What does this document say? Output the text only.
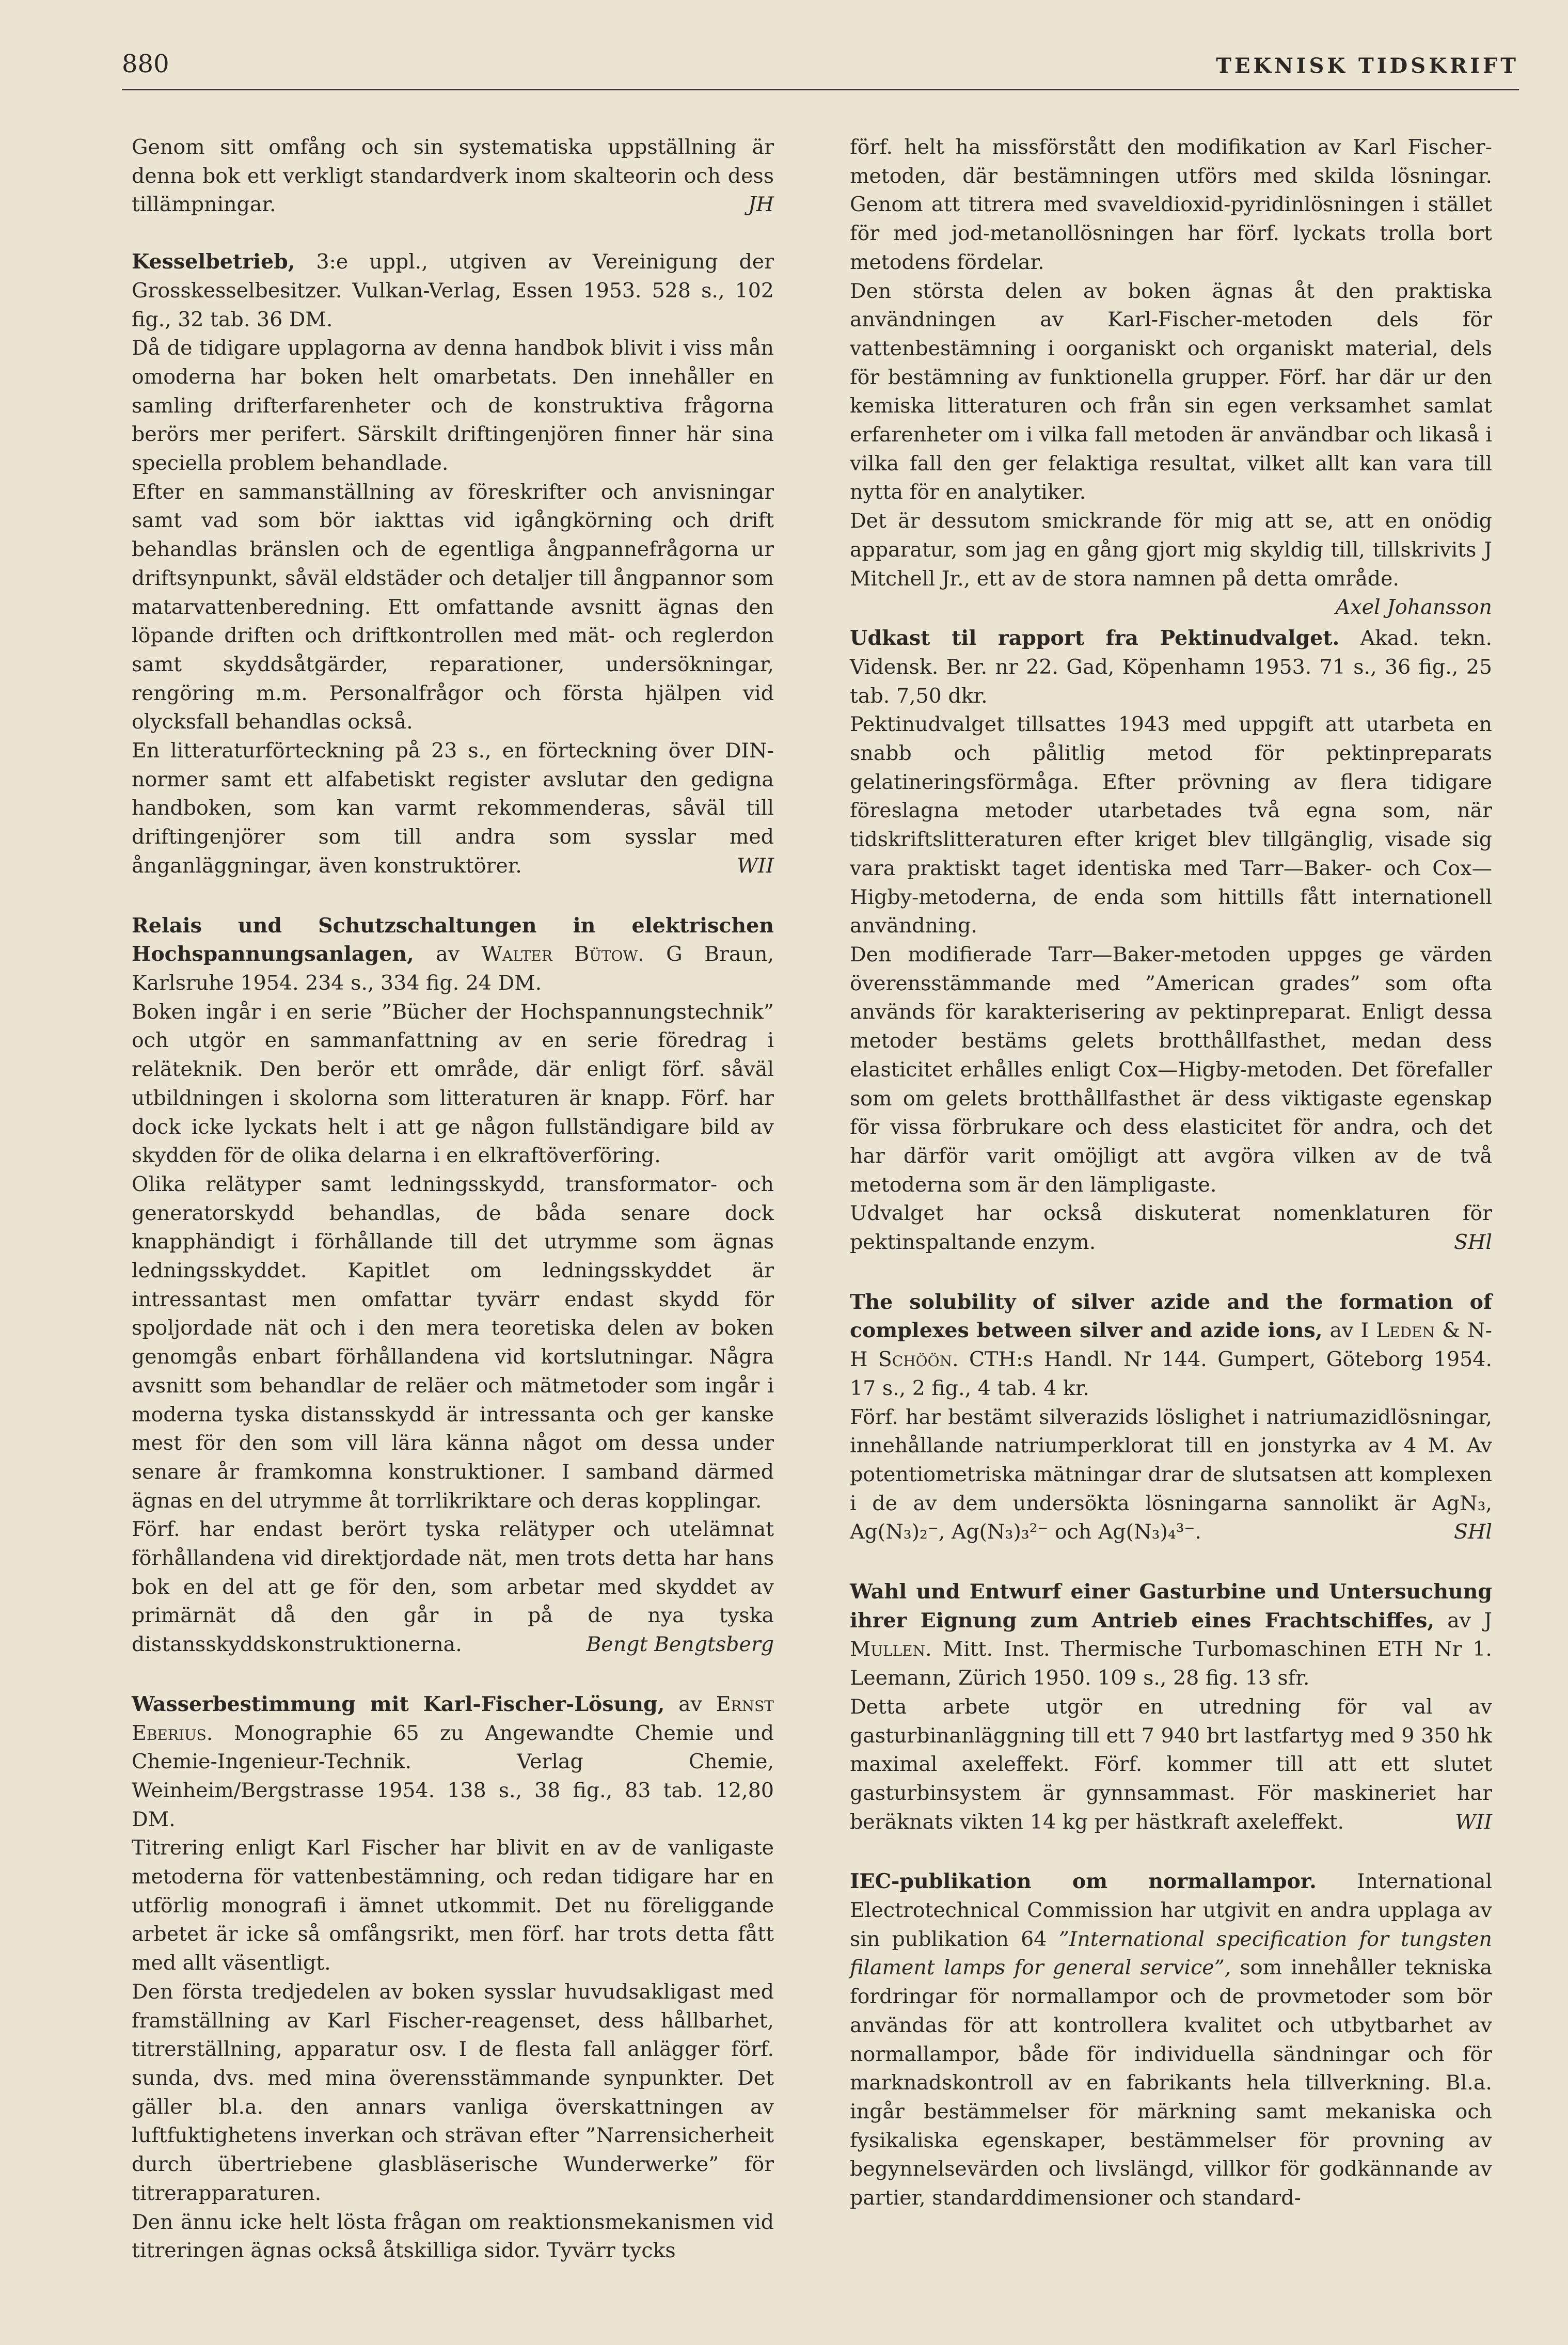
880	TEKNISK TIDSKRIFT

Genom sitt omfång och sin systematiska uppställning är denna bok ett verkligt standardverk inom skalteorin och dess tillämpningar.	JH

Kesselbetrieb, 3:e uppl., utgiven av Vereinigung der Grosskesselbesitzer. Vulkan-Verlag, Essen 1953. 528 s., 102 fig., 32 tab. 36 DM.

Då de tidigare upplagorna av denna handbok blivit i viss mån omoderna har boken helt omarbetats. Den innehåller en samling drifterfarenheter och de konstruktiva frågorna berörs mer perifert. Särskilt driftingenjören finner här sina speciella problem behandlade.

Efter en sammanställning av föreskrifter och anvisningar samt vad som bör iakttas vid igångkörning och drift behandlas bränslen och de egentliga ångpannefrågorna ur driftsynpunkt, såväl eldstäder och detaljer till ångpannor som matarvattenberedning. Ett omfattande avsnitt ägnas den löpande driften och driftkontrollen med mät- och reglerdon samt skyddsåtgärder, reparationer, undersökningar, rengöring m.m. Personalfrågor och första hjälpen vid olycksfall behandlas också.

En litteraturförteckning på 23 s., en förteckning över DIN-normer samt ett alfabetiskt register avslutar den gedigna handboken, som kan varmt rekommenderas, såväl till driftingenjörer som till andra som sysslar med ånganläggningar, även konstruktörer.	WII

Relais und Schutzschaltungen in elektrischen Hochspannungsanlagen, av Walter Bütow. G Braun, Karlsruhe 1954. 234 s., 334 fig. 24 DM.

Boken ingår i en serie ”Bücher der Hochspannungstechnik” och utgör en sammanfattning av en serie föredrag i reläteknik. Den berör ett område, där enligt förf. såväl utbildningen i skolorna som litteraturen är knapp. Förf. har dock icke lyckats helt i att ge någon fullständigare bild av skydden för de olika delarna i en elkraftöverföring.

Olika relätyper samt ledningsskydd, transformator- och generatorskydd behandlas, de båda senare dock knapphändigt i förhållande till det utrymme som ägnas ledningsskyddet. Kapitlet om ledningsskyddet är intressantast men omfattar tyvärr endast skydd för spoljordade nät och i den mera teoretiska delen av boken genomgås enbart förhållandena vid kortslutningar. Några avsnitt som behandlar de reläer och mätmetoder som ingår i moderna tyska distansskydd är intressanta och ger kanske mest för den som vill lära känna något om dessa under senare år framkomna konstruktioner. I samband därmed ägnas en del utrymme åt torrlikriktare och deras kopplingar.

Förf. har endast berört tyska relätyper och utelämnat förhållandena vid direktjordade nät, men trots detta har hans bok en del att ge för den, som arbetar med skyddet av primärnät då den går in på de nya tyska distansskyddskonstruktionerna.	Bengt Bengtsberg

Wasserbestimmung mit Karl-Fischer-Lösung, av Ernst Eberius. Monographie 65 zu Angewandte Chemie und Chemie-Ingenieur-Technik. Verlag Chemie, Weinheim/Bergstrasse 1954. 138 s., 38 fig., 83 tab. 12,80 DM.

Titrering enligt Karl Fischer har blivit en av de vanligaste metoderna för vattenbestämning, och redan tidigare har en utförlig monografi i ämnet utkommit. Det nu föreliggande arbetet är icke så omfångsrikt, men förf. har trots detta fått med allt väsentligt.

Den första tredjedelen av boken sysslar huvudsakligast med framställning av Karl Fischer-reagenset, dess hållbarhet, titrerställning, apparatur osv. I de flesta fall anlägger förf. sunda, dvs. med mina överensstämmande synpunkter. Det gäller bl.a. den annars vanliga överskattningen av luftfuktighetens inverkan och strävan efter ”Narrensicherheit durch übertriebene glasbläserische Wunderwerke” för titrerapparaturen.

Den ännu icke helt lösta frågan om reaktionsmekanismen vid titreringen ägnas också åtskilliga sidor. Tyvärr tycks

förf. helt ha missförstått den modifikation av Karl Fischer-metoden, där bestämningen utförs med skilda lösningar. Genom att titrera med svaveldioxid-pyridinlösningen i stället för med jod-metanollösningen har förf. lyckats trolla bort metodens fördelar.

Den största delen av boken ägnas åt den praktiska användningen av Karl-Fischer-metoden dels för vattenbestämning i oorganiskt och organiskt material, dels för bestämning av funktionella grupper. Förf. har där ur den kemiska litteraturen och från sin egen verksamhet samlat erfarenheter om i vilka fall metoden är användbar och likaså i vilka fall den ger felaktiga resultat, vilket allt kan vara till nytta för en analytiker.

Det är dessutom smickrande för mig att se, att en onödig apparatur, som jag en gång gjort mig skyldig till, tillskrivits J Mitchell Jr., ett av de stora namnen på detta område.
Axel Johansson

Udkast til rapport fra Pektinudvalget. Akad. tekn. Vidensk. Ber. nr 22. Gad, Köpenhamn 1953. 71 s., 36 fig., 25 tab. 7,50 dkr.

Pektinudvalget tillsattes 1943 med uppgift att utarbeta en snabb och pålitlig metod för pektinpreparats gelatineringsförmåga. Efter prövning av flera tidigare föreslagna metoder utarbetades två egna som, när tidskriftslitteraturen efter kriget blev tillgänglig, visade sig vara praktiskt taget identiska med Tarr—Baker- och Cox—Higby-metoderna, de enda som hittills fått internationell användning.

Den modifierade Tarr—Baker-metoden uppges ge värden överensstämmande med ”American grades” som ofta används för karakterisering av pektinpreparat. Enligt dessa metoder bestäms gelets brotthållfasthet, medan dess elasticitet erhålles enligt Cox—Higby-metoden. Det förefaller som om gelets brotthållfasthet är dess viktigaste egenskap för vissa förbrukare och dess elasticitet för andra, och det har därför varit omöjligt att avgöra vilken av de två metoderna som är den lämpligaste.

Udvalget har också diskuterat nomenklaturen för pektinspaltande enzym.	SHl

The solubility of silver azide and the formation of complexes between silver and azide ions, av I Leden & N-H Schöön. CTH:s Handl. Nr 144. Gumpert, Göteborg 1954. 17 s., 2 fig., 4 tab. 4 kr.

Förf. har bestämt silverazids löslighet i natriumazidlösningar, innehållande natriumperklorat till en jonstyrka av 4 M. Av potentiometriska mätningar drar de slutsatsen att komplexen i de av dem undersökta lösningarna sannolikt är AgN₃, Ag(N₃)₂⁻, Ag(N₃)₃²⁻ och Ag(N₃)₄³⁻.	SHl

Wahl und Entwurf einer Gasturbine und Untersuchung ihrer Eignung zum Antrieb eines Frachtschiffes, av J Mullen. Mitt. Inst. Thermische Turbomaschinen ETH Nr 1. Leemann, Zürich 1950. 109 s., 28 fig. 13 sfr.

Detta arbete utgör en utredning för val av gasturbinanläggning till ett 7 940 brt lastfartyg med 9 350 hk maximal axeleffekt. Förf. kommer till att ett slutet gasturbinsystem är gynnsammast. För maskineriet har beräknats vikten 14 kg per hästkraft axeleffekt.	WII

IEC-publikation om normallampor. International Electrotechnical Commission har utgivit en andra upplaga av sin publikation 64 ”International specification for tungsten filament lamps for general service”, som innehåller tekniska fordringar för normallampor och de provmetoder som bör användas för att kontrollera kvalitet och utbytbarhet av normallampor, både för individuella sändningar och för marknadskontroll av en fabrikants hela tillverkning. Bl.a. ingår bestämmelser för märkning samt mekaniska och fysikaliska egenskaper, bestämmelser för provning av begynnelsevärden och livslängd, villkor för godkännande av partier, standarddimensioner och standard-
